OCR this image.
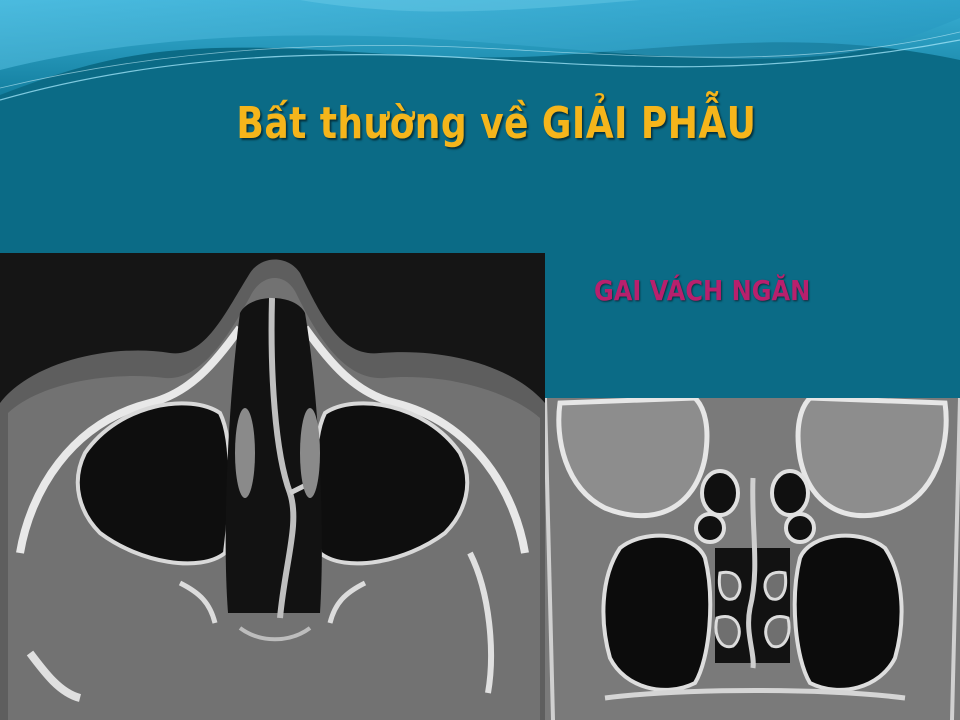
Bất thường về GIẢI PHẪU
GAI VÁCH NGĂN
